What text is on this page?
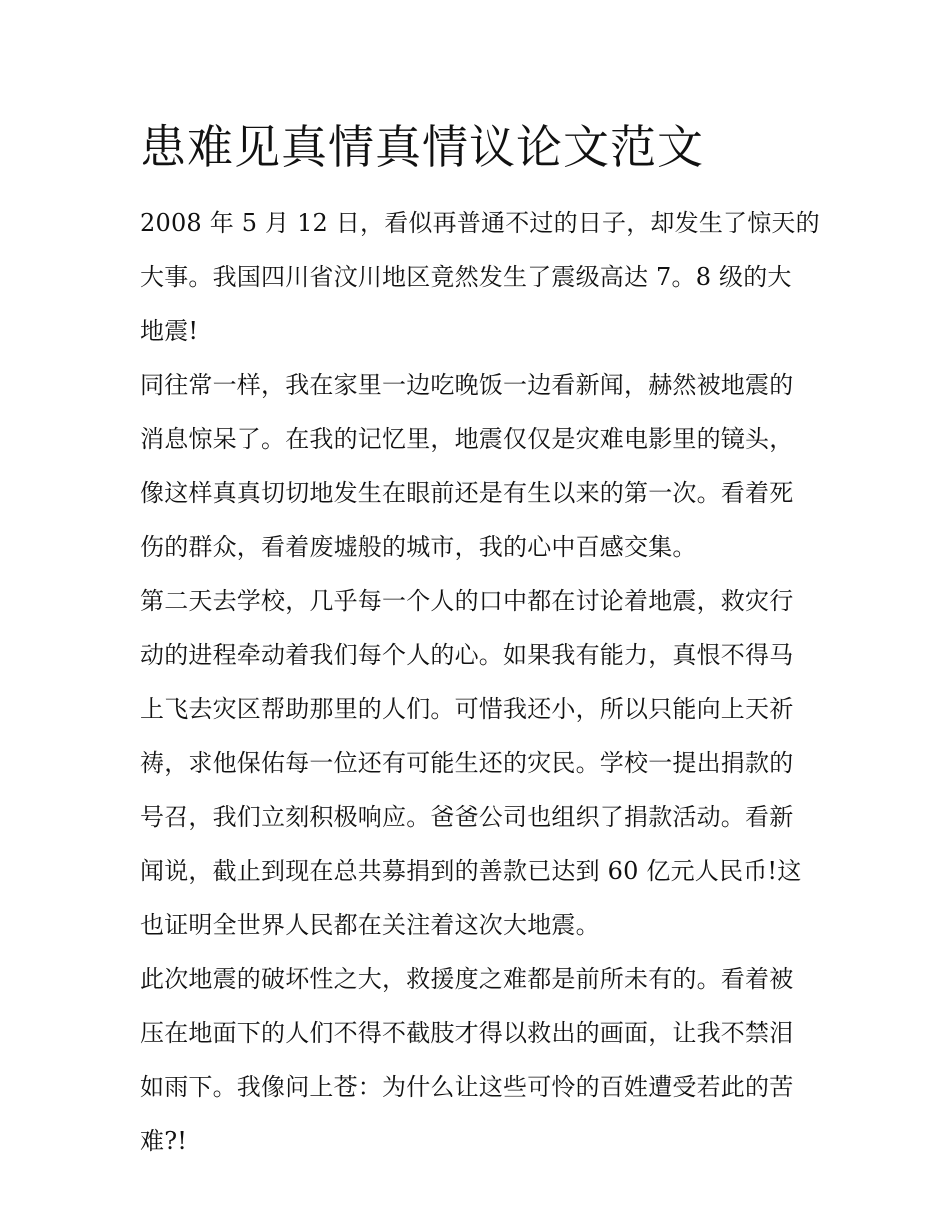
患难见真情真情议论文范文
2008 年 5 月 12 日，看似再普通不过的日子，却发生了惊天的
大事。我国四川省汶川地区竟然发生了震级高达 7。8 级的大
地震!
同往常一样，我在家里一边吃晚饭一边看新闻，赫然被地震的
消息惊呆了。在我的记忆里，地震仅仅是灾难电影里的镜头，
像这样真真切切地发生在眼前还是有生以来的第一次。看着死
伤的群众，看着废墟般的城市，我的心中百感交集。
第二天去学校，几乎每一个人的口中都在讨论着地震，救灾行
动的进程牵动着我们每个人的心。如果我有能力，真恨不得马
上飞去灾区帮助那里的人们。可惜我还小，所以只能向上天祈
祷，求他保佑每一位还有可能生还的灾民。学校一提出捐款的
号召，我们立刻积极响应。爸爸公司也组织了捐款活动。看新
闻说，截止到现在总共募捐到的善款已达到 60 亿元人民币!这
也证明全世界人民都在关注着这次大地震。
此次地震的破坏性之大，救援度之难都是前所未有的。看着被
压在地面下的人们不得不截肢才得以救出的画面，让我不禁泪
如雨下。我像问上苍：为什么让这些可怜的百姓遭受若此的苦
难?!
